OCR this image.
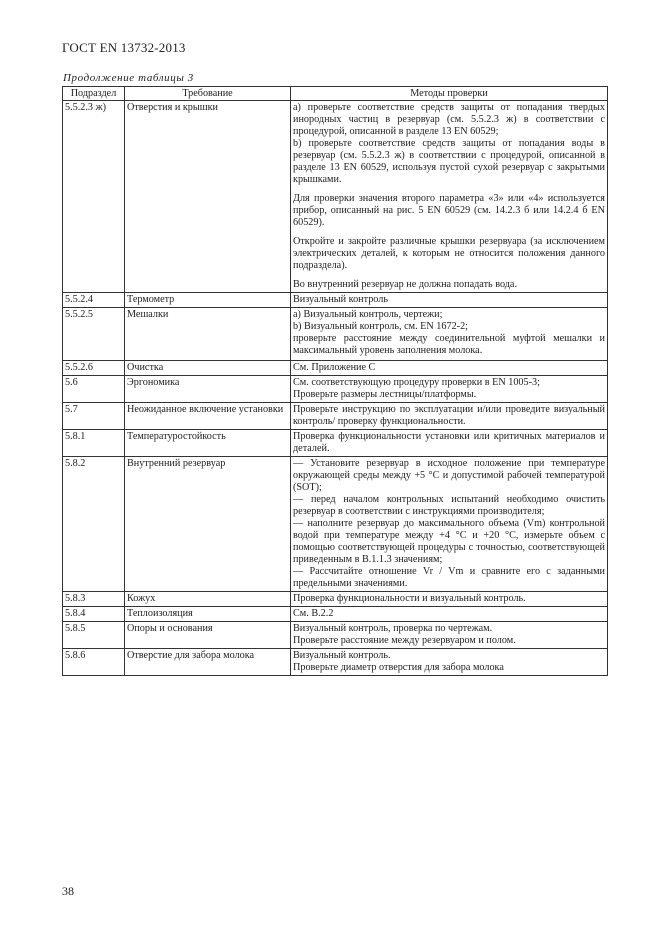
ГОСТ EN 13732-2013
Продолжение таблицы 3
Подраздел	Требование	Методы проверки
5.5.2.3 ж)	Отверстия и крышки	a) проверьте соответствие средств защиты от попадания твердых инородных частиц в резервуар (см. 5.5.2.3 ж) в соответствии с процедурой, описанной в разделе 13 EN 60529;

b) проверьте соответствие средств защиты от попадания воды в резервуар (см. 5.5.2.3 ж) в соответствии с процедурой, описанной в разделе 13 EN 60529, используя пустой сухой резервуар с закрытыми крышками.

Для проверки значения второго параметра «3» или «4» используется прибор, описанный на рис. 5 EN 60529 (см. 14.2.3 б или 14.2.4 б EN 60529).

Откройте и закройте различные крышки резервуара (за исключением электрических деталей, к которым не относится положения данного подраздела).

Во внутренний резервуар не должна попадать вода.

5.5.2.4	Термометр	Визуальный контроль

5.5.2.5	Мешалки	a) Визуальный контроль, чертежи;

b) Визуальный контроль, см. EN 1672-2;

проверьте расстояние между соединительной муфтой мешалки и максимальный уровень заполнения молока.

5.5.2.6	Очистка	См. Приложение С

5.6	Эргономика	См. соответствующую процедуру проверки в EN 1005-3;

Проверьте размеры лестницы/платформы.

5.7	Неожиданное включение установки	Проверьте инструкцию по эксплуатации и/или проведите визуальный контроль/ проверку функциональности.

5.8.1	Температуростойкость	Проверка функциональности установки или критичных материалов и деталей.

5.8.2	Внутренний резервуар	— Установите резервуар в исходное положение при температуре окружающей среды между +5 °С и допустимой рабочей температурой (SOT);

— перед началом контрольных испытаний необходимо очистить резервуар в соответствии с инструкциями производителя;

— наполните резервуар до максимального объема (Vm) контрольной водой при температуре между +4 °С и +20 °С, измерьте объем с помощью соответствующей процедуры с точностью, соответствующей приведенным в В.1.1.3 значениям;

— Рассчитайте отношение Vr / Vm и сравните его с заданными предельными значениями.

5.8.3	Кожух	Проверка функциональности и визуальный контроль.

5.8.4	Теплоизоляция	См. В.2.2

5.8.5	Опоры и основания	Визуальный контроль, проверка по чертежам.

Проверьте расстояние между резервуаром и полом.

5.8.6	Отверстие для забора молока	Визуальный контроль.

Проверьте диаметр отверстия для забора молока

38
